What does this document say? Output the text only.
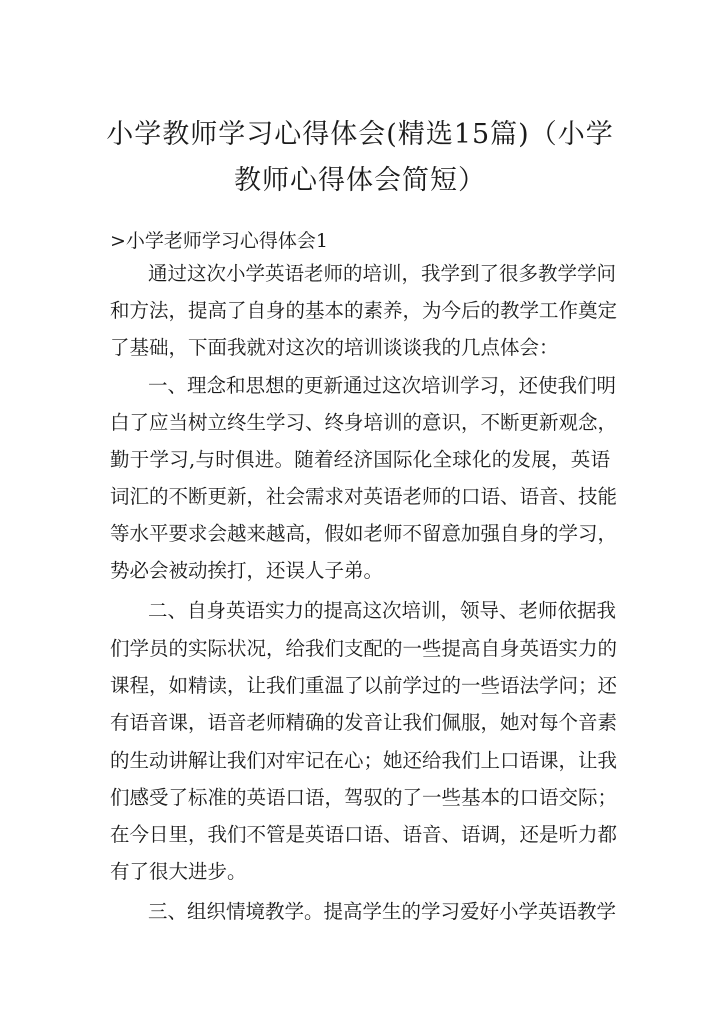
小学教师学习心得体会(精选15篇)（小学
教师心得体会简短）
>小学老师学习心得体会1
通过这次小学英语老师的培训，我学到了很多教学学问
和方法，提高了自身的基本的素养，为今后的教学工作奠定
了基础，下面我就对这次的培训谈谈我的几点体会：
一、理念和思想的更新通过这次培训学习，还使我们明
白了应当树立终生学习、终身培训的意识，不断更新观念，
勤于学习,与时俱进。随着经济国际化全球化的发展，英语
词汇的不断更新，社会需求对英语老师的口语、语音、技能
等水平要求会越来越高，假如老师不留意加强自身的学习，
势必会被动挨打，还误人子弟。
二、自身英语实力的提高这次培训，领导、老师依据我
们学员的实际状况，给我们支配的一些提高自身英语实力的
课程，如精读，让我们重温了以前学过的一些语法学问；还
有语音课，语音老师精确的发音让我们佩服，她对每个音素
的生动讲解让我们对牢记在心；她还给我们上口语课，让我
们感受了标准的英语口语，驾驭的了一些基本的口语交际；
在今日里，我们不管是英语口语、语音、语调，还是听力都
有了很大进步。
三、组织情境教学。提高学生的学习爱好小学英语教学
